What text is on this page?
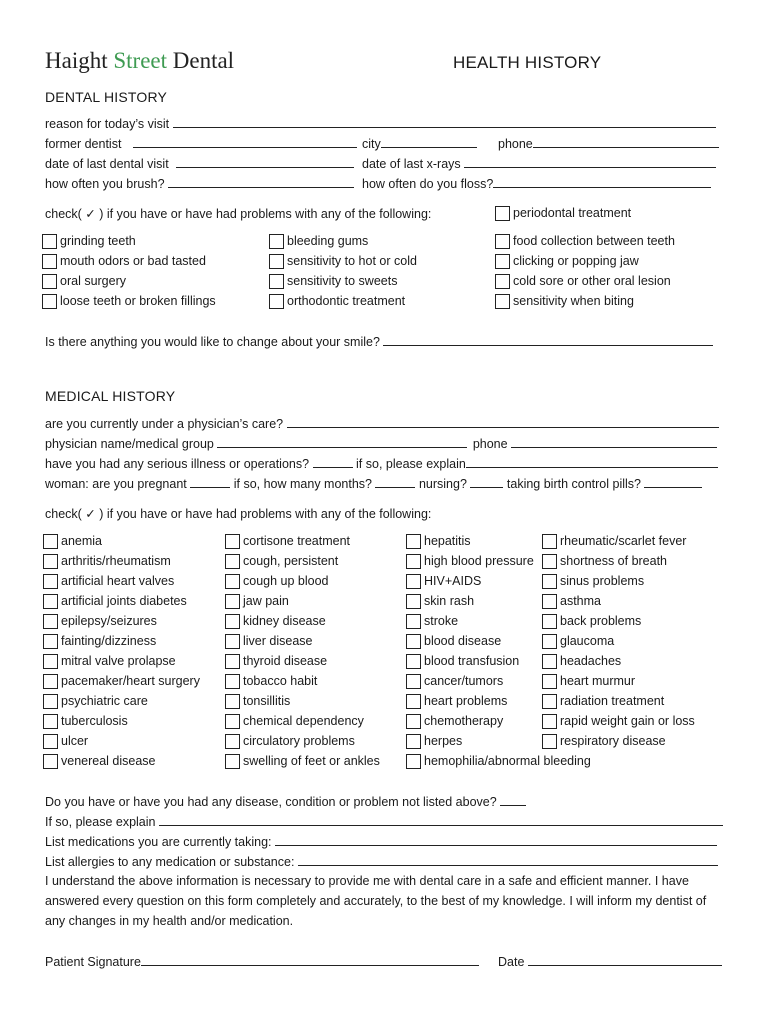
Haight Street Dental	HEALTH HISTORY
DENTAL HISTORY
reason for today’s visit
former dentist	city	phone
date of last dental visit	date of last x-rays
how often you brush?	how often do you floss?
check( ✓ ) if you have or have had problems with any of the following:	periodontal treatment
grinding teeth
mouth odors or bad tasted
oral surgery
loose teeth or broken fillings
bleeding gums
sensitivity to hot or cold
sensitivity to sweets
orthodontic treatment
food collection between teeth
clicking or popping jaw
cold sore or other oral lesion
sensitivity when biting
Is there anything you would like to change about your smile?
MEDICAL HISTORY
are you currently under a physician’s care?
physician name/medical group	phone
have you had any serious illness or operations?	if so, please explain
woman: are you pregnant	if so, how many months?	nursing?	taking birth control pills?
check( ✓ ) if you have or have had problems with any of the following:
anemia
arthritis/rheumatism
artificial heart valves
artificial joints diabetes
epilepsy/seizures
fainting/dizziness
mitral valve prolapse
pacemaker/heart surgery
psychiatric care
tuberculosis
ulcer
venereal disease
cortisone treatment
cough, persistent
cough up blood
jaw pain
kidney disease
liver disease
thyroid disease
tobacco habit
tonsillitis
chemical dependency
circulatory problems
swelling of feet or ankles
hepatitis
high blood pressure
HIV+AIDS
skin rash
stroke
blood disease
blood transfusion
cancer/tumors
heart problems
chemotherapy
herpes
hemophilia/abnormal bleeding
rheumatic/scarlet fever
shortness of breath
sinus problems
asthma
back problems
glaucoma
headaches
heart murmur
radiation treatment
rapid weight gain or loss
respiratory disease
Do you have or have you had any disease, condition or problem not listed above?
If so, please explain
List medications you are currently taking:
List allergies to any medication or substance:
I understand the above information is necessary to provide me with dental care in a safe and efficient manner. I have answered every question on this form completely and accurately, to the best of my knowledge. I will inform my dentist of any changes in my health and/or medication.
Patient Signature	Date
